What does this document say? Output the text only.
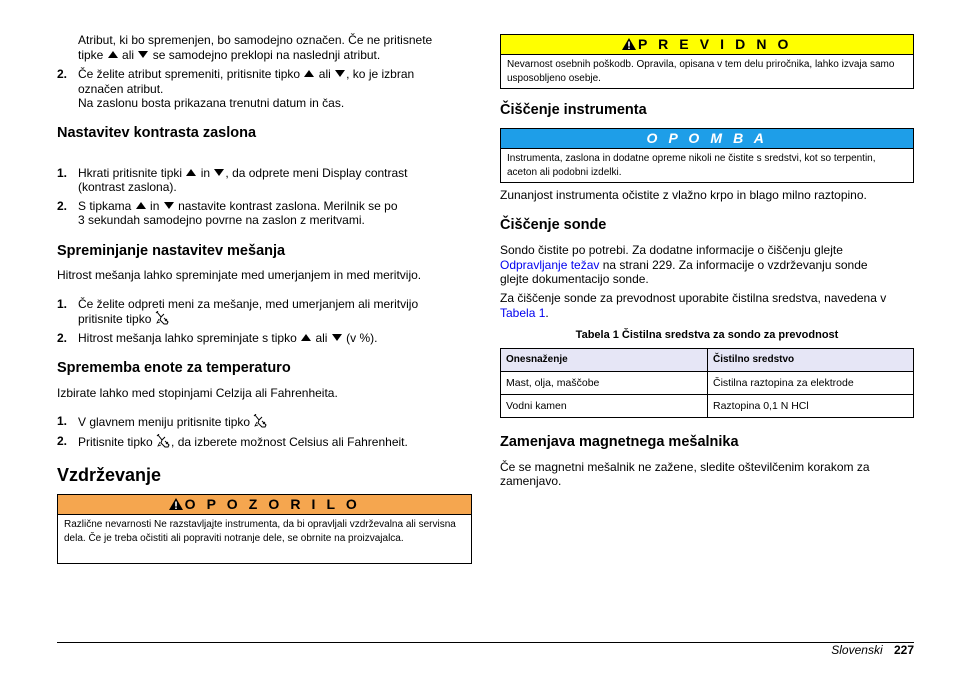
Atribut, ki bo spremenjen, bo samodejno označen. Če ne pritisnete

tipke ali se samodejno preklopi na naslednji atribut.

2. Če želite atribut spremeniti, pritisnite tipko ali , ko je izbran

označen atribut.

Na zaslonu bosta prikazana trenutni datum in čas.

Nastavitev kontrasta zaslona
1. Hkrati pritisnite tipki in , da odprete meni Display contrast

(kontrast zaslona).

2. S tipkama in nastavite kontrast zaslona. Merilnik se po

3 sekundah samodejno povrne na zaslon z meritvami.

Spreminjanje nastavitev mešanja

Hitrost mešanja lahko spreminjate med umerjanjem in med meritvijo.

1. Če želite odpreti meni za mešanje, med umerjanjem ali meritvijo

pritisnite tipko

2. Hitrost mešanja lahko spreminjate s tipko ali (v %).

Sprememba enote za temperaturo

Izbirate lahko med stopinjami Celzija ali Fahrenheita.

1. V glavnem meniju pritisnite tipko

2. Pritisnite tipko , da izberete možnost Celsius ali Fahrenheit.

Vzdrževanje
O P O Z O R I L O
Različne nevarnosti Ne razstavljajte instrumenta, da bi opravljali vzdrževalna ali servisna dela. Če je treba očistiti ali popraviti notranje dele, se obrnite na proizvajalca.
P R E V I D N O
Nevarnost osebnih poškodb. Opravila, opisana v tem delu priročnika, lahko izvaja samo usposobljeno osebje.
Čiščenje instrumenta
O P O M B A
Instrumenta, zaslona in dodatne opreme nikoli ne čistite s sredstvi, kot so terpentin, aceton ali podobni izdelki.

Zunanjost instrumenta očistite z vlažno krpo in blago milno raztopino.

Čiščenje sonde

Sondo čistite po potrebi. Za dodatne informacije o čiščenju glejte
Odpravljanje težav na strani 229. Za informacije o vzdrževanju sonde
glejte dokumentacijo sonde.

Za čiščenje sonde za prevodnost uporabite čistilna sredstva, navedena v
Tabela 1.

Tabela 1 Čistilna sredstva za sondo za prevodnost

Onesnaženje	Čistilno sredstvo
Mast, olja, maščobe	Čistilna raztopina za elektrode
Vodni kamen	Raztopina 0,1 N HCl
Zamenjava magnetnega mešalnika

Če se magnetni mešalnik ne zažene, sledite oštevilčenim korakom za

zamenjavo.

Slovenski 227
